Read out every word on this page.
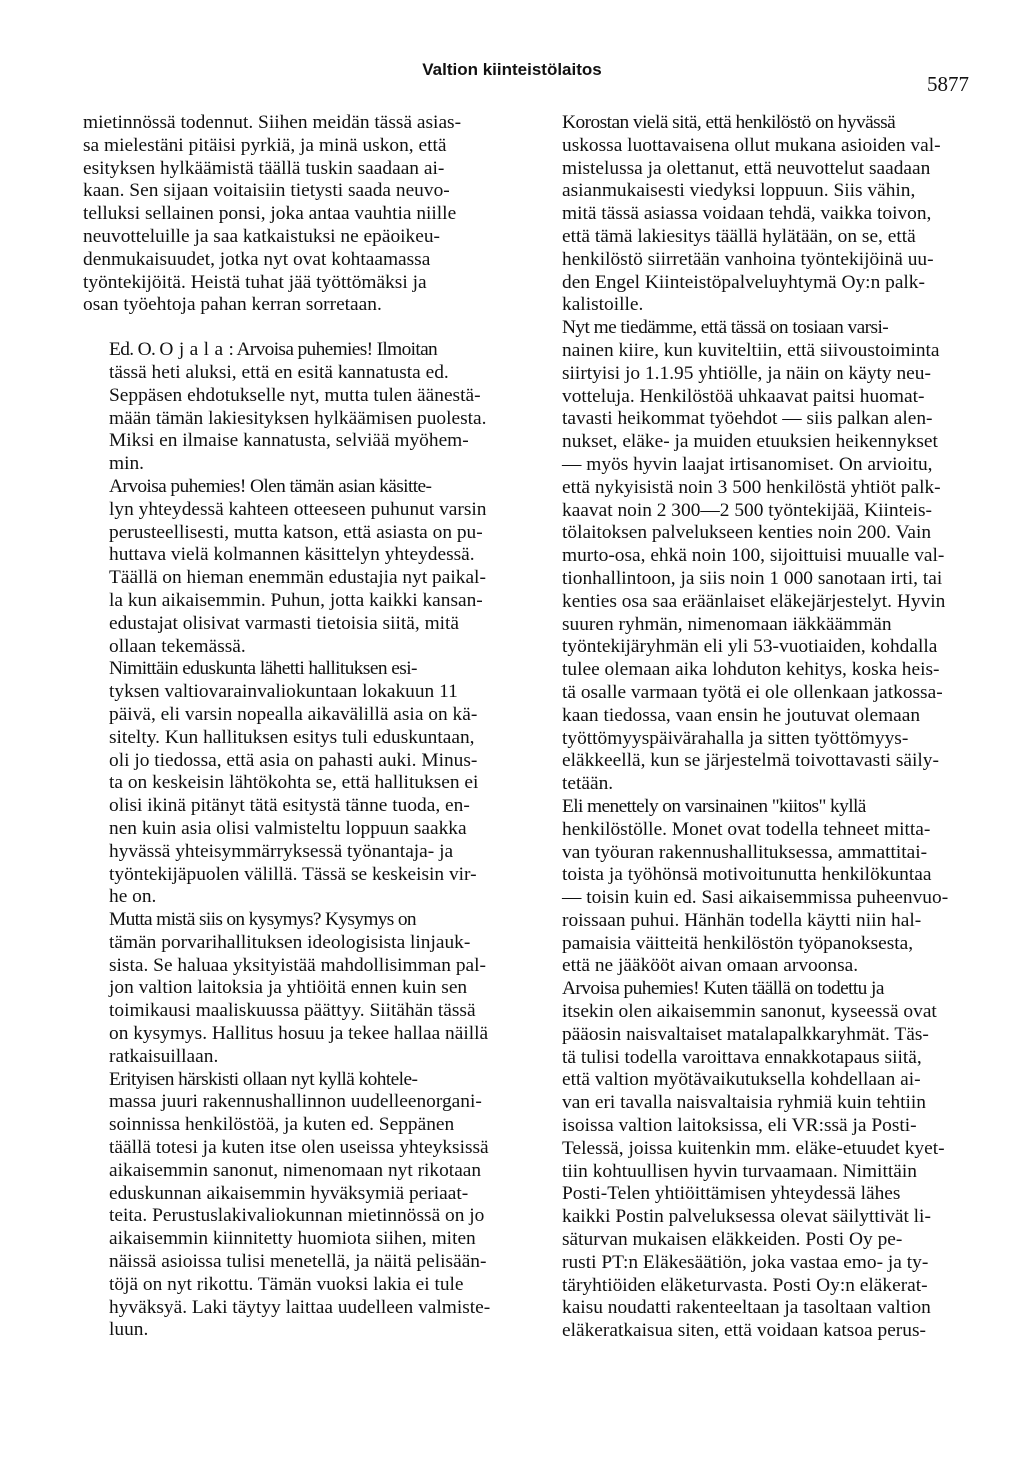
Valtion kiinteistölaitos
5877

mietinnössä todennut. Siihen meidän tässä asias-
sa mielestäni pitäisi pyrkiä, ja minä uskon, että
esityksen hylkäämistä täällä tuskin saadaan ai-
kaan. Sen sijaan voitaisiin tietysti saada neuvo-
telluksi sellainen ponsi, joka antaa vauhtia niille
neuvotteluille ja saa katkaistuksi ne epäoikeu-
denmukaisuudet, jotka nyt ovat kohtaamassa
työntekijöitä. Heistä tuhat jää työttömäksi ja
osan työehtoja pahan kerran sorretaan.

Ed. O. Ojala: Arvoisa puhemies! Ilmoitan
tässä heti aluksi, että en esitä kannatusta ed.
Seppäsen ehdotukselle nyt, mutta tulen äänestä-
mään tämän lakiesityksen hylkäämisen puolesta.
Miksi en ilmaise kannatusta, selviää myöhem-
min.

Arvoisa puhemies! Olen tämän asian käsitte-
lyn yhteydessä kahteen otteeseen puhunut varsin
perusteellisesti, mutta katson, että asiasta on pu-
huttava vielä kolmannen käsittelyn yhteydessä.
Täällä on hieman enemmän edustajia nyt paikal-
la kun aikaisemmin. Puhun, jotta kaikki kansan-
edustajat olisivat varmasti tietoisia siitä, mitä
ollaan tekemässä.

Nimittäin eduskunta lähetti hallituksen esi-
tyksen valtiovarainvaliokuntaan lokakuun 11
päivä, eli varsin nopealla aikavälillä asia on kä-
sitelty. Kun hallituksen esitys tuli eduskuntaan,
oli jo tiedossa, että asia on pahasti auki. Minus-
ta on keskeisin lähtökohta se, että hallituksen ei
olisi ikinä pitänyt tätä esitystä tänne tuoda, en-
nen kuin asia olisi valmisteltu loppuun saakka
hyvässä yhteisymmärryksessä työnantaja- ja
työntekijäpuolen välillä. Tässä se keskeisin vir-
he on.

Mutta mistä siis on kysymys? Kysymys on
tämän porvarihallituksen ideologisista linjauk-
sista. Se haluaa yksityistää mahdollisimman pal-
jon valtion laitoksia ja yhtiöitä ennen kuin sen
toimikausi maaliskuussa päättyy. Siitähän tässä
on kysymys. Hallitus hosuu ja tekee hallaa näillä
ratkaisuillaan.

Erityisen härskisti ollaan nyt kyllä kohtele-
massa juuri rakennushallinnon uudelleenorgani-
soinnissa henkilöstöä, ja kuten ed. Seppänen
täällä totesi ja kuten itse olen useissa yhteyksissä
aikaisemmin sanonut, nimenomaan nyt rikotaan
eduskunnan aikaisemmin hyväksymiä periaat-
teita. Perustuslakivaliokunnan mietinnössä on jo
aikaisemmin kiinnitetty huomiota siihen, miten
näissä asioissa tulisi menetellä, ja näitä pelisään-
töjä on nyt rikottu. Tämän vuoksi lakia ei tule
hyväksyä. Laki täytyy laittaa uudelleen valmiste-
luun.

Korostan vielä sitä, että henkilöstö on hyvässä
uskossa luottavaisena ollut mukana asioiden val-
mistelussa ja olettanut, että neuvottelut saadaan
asianmukaisesti viedyksi loppuun. Siis vähin,
mitä tässä asiassa voidaan tehdä, vaikka toivon,
että tämä lakiesitys täällä hylätään, on se, että
henkilöstö siirretään vanhoina työntekijöinä uu-
den Engel Kiinteistöpalveluyhtymä Oy:n palk-
kalistoille.

Nyt me tiedämme, että tässä on tosiaan varsi-
nainen kiire, kun kuviteltiin, että siivoustoiminta
siirtyisi jo 1.1.95 yhtiölle, ja näin on käyty neu-
votteluja. Henkilöstöä uhkaavat paitsi huomat-
tavasti heikommat työehdot — siis palkan alen-
nukset, eläke- ja muiden etuuksien heikennykset
— myös hyvin laajat irtisanomiset. On arvioitu,
että nykyisistä noin 3 500 henkilöstä yhtiöt palk-
kaavat noin 2 300—2 500 työntekijää, Kiinteis-
tölaitoksen palvelukseen kenties noin 200. Vain
murto-osa, ehkä noin 100, sijoittuisi muualle val-
tionhallintoon, ja siis noin 1 000 sanotaan irti, tai
kenties osa saa eräänlaiset eläkejärjestelyt. Hyvin
suuren ryhmän, nimenomaan iäkkäämmän
työntekijäryhmän eli yli 53-vuotiaiden, kohdalla
tulee olemaan aika lohduton kehitys, koska heis-
tä osalle varmaan työtä ei ole ollenkaan jatkossa-
kaan tiedossa, vaan ensin he joutuvat olemaan
työttömyyspäivärahalla ja sitten työttömyys-
eläkkeellä, kun se järjestelmä toivottavasti säily-
tetään.

Eli menettely on varsinainen "kiitos" kyllä
henkilöstölle. Monet ovat todella tehneet mitta-
van työuran rakennushallituksessa, ammattitai-
toista ja työhönsä motivoitunutta henkilökuntaa
— toisin kuin ed. Sasi aikaisemmissa puheenvuo-
roissaan puhui. Hänhän todella käytti niin hal-
pamaisia väitteitä henkilöstön työpanoksesta,
että ne jääkööt aivan omaan arvoonsa.

Arvoisa puhemies! Kuten täällä on todettu ja
itsekin olen aikaisemmin sanonut, kyseessä ovat
pääosin naisvaltaiset matalapalkkaryhmät. Täs-
tä tulisi todella varoittava ennakkotapaus siitä,
että valtion myötävaikutuksella kohdellaan ai-
van eri tavalla naisvaltaisia ryhmiä kuin tehtiin
isoissa valtion laitoksissa, eli VR:ssä ja Posti-
Telessä, joissa kuitenkin mm. eläke-etuudet kyet-
tiin kohtuullisen hyvin turvaamaan. Nimittäin
Posti-Telen yhtiöittämisen yhteydessä lähes
kaikki Postin palveluksessa olevat säilyttivät li-
säturvan mukaisen eläkkeiden. Posti Oy pe-
rusti PT:n Eläkesäätiön, joka vastaa emo- ja ty-
täryhtiöiden eläketurvasta. Posti Oy:n eläkerat-
kaisu noudatti rakenteeltaan ja tasoltaan valtion
eläkeratkaisua siten, että voidaan katsoa perus-
